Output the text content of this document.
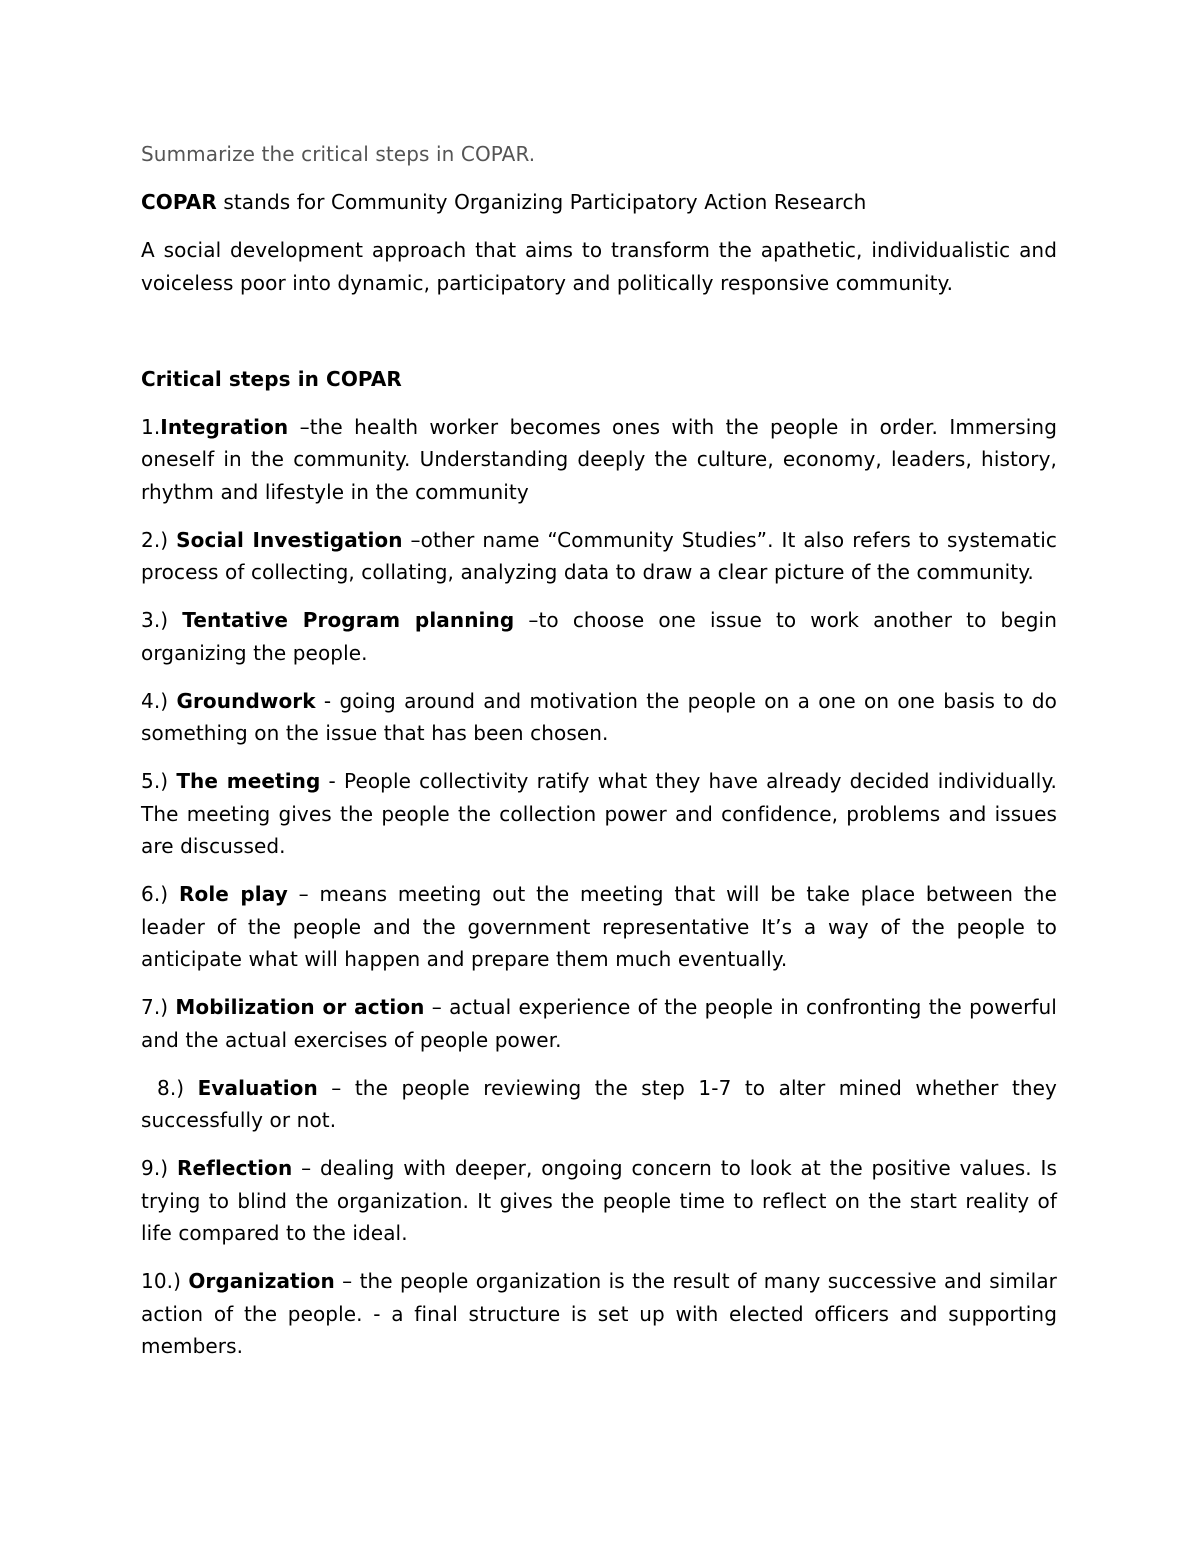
Summarize the critical steps in COPAR.

COPAR stands for Community Organizing Participatory Action Research

A social development approach that aims to transform the apathetic, individualistic and voiceless poor into dynamic, participatory and politically responsive community.

Critical steps in COPAR

1.Integration –the health worker becomes ones with the people in order. Immersing oneself in the community. Understanding deeply the culture, economy, leaders, history, rhythm and lifestyle in the community

2.) Social Investigation –other name “Community Studies”. It also refers to systematic process of collecting, collating, analyzing data to draw a clear picture of the community.

3.) Tentative Program planning –to choose one issue to work another to begin organizing the people.

4.) Groundwork - going around and motivation the people on a one on one basis to do something on the issue that has been chosen.

5.) The meeting - People collectivity ratify what they have already decided individually. The meeting gives the people the collection power and confidence, problems and issues are discussed.

6.) Role play – means meeting out the meeting that will be take place between the leader of the people and the government representative It’s a way of the people to anticipate what will happen and prepare them much eventually.

7.) Mobilization or action – actual experience of the people in confronting the powerful and the actual exercises of people power.

8.) Evaluation – the people reviewing the step 1-7 to alter mined whether they successfully or not.

9.) Reflection – dealing with deeper, ongoing concern to look at the positive values. Is trying to blind the organization. It gives the people time to reflect on the start reality of life compared to the ideal.

10.) Organization – the people organization is the result of many successive and similar action of the people. - a final structure is set up with elected officers and supporting members.
